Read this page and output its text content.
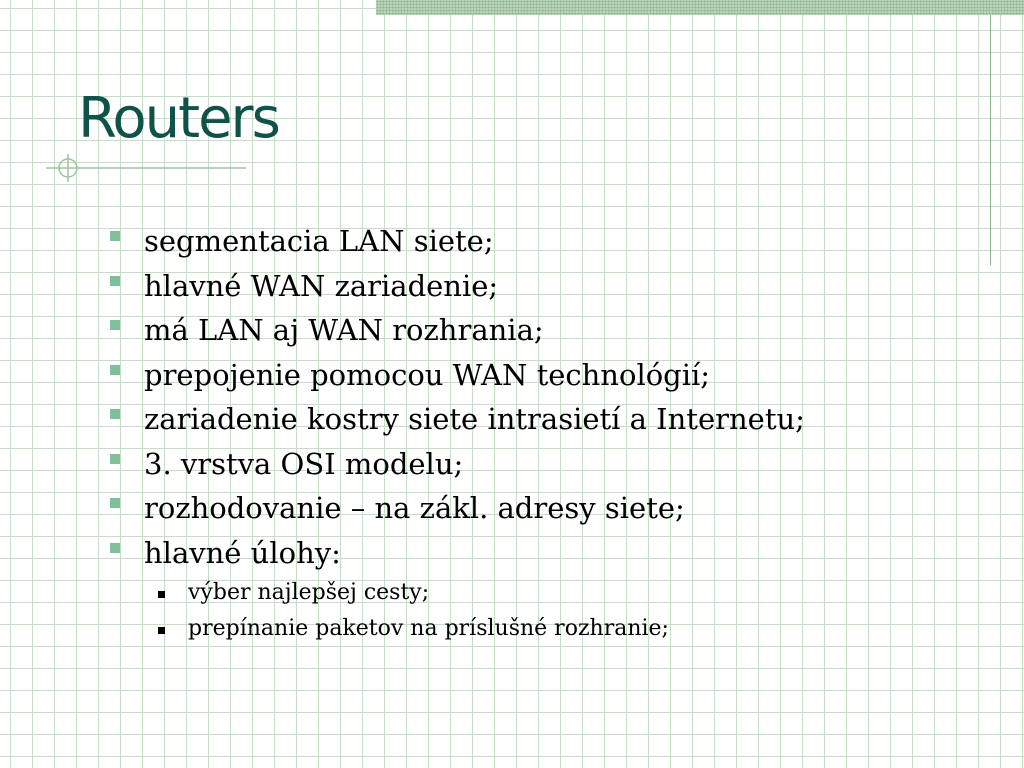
Routers
segmentacia LAN siete;
hlavné WAN zariadenie;
má LAN aj WAN rozhrania;
prepojenie pomocou WAN technológií;
zariadenie kostry siete intrasietí a Internetu;
3. vrstva OSI modelu;
rozhodovanie – na zákl. adresy siete;
hlavné úlohy:
výber najlepšej cesty;
prepínanie paketov na príslušné rozhranie;
